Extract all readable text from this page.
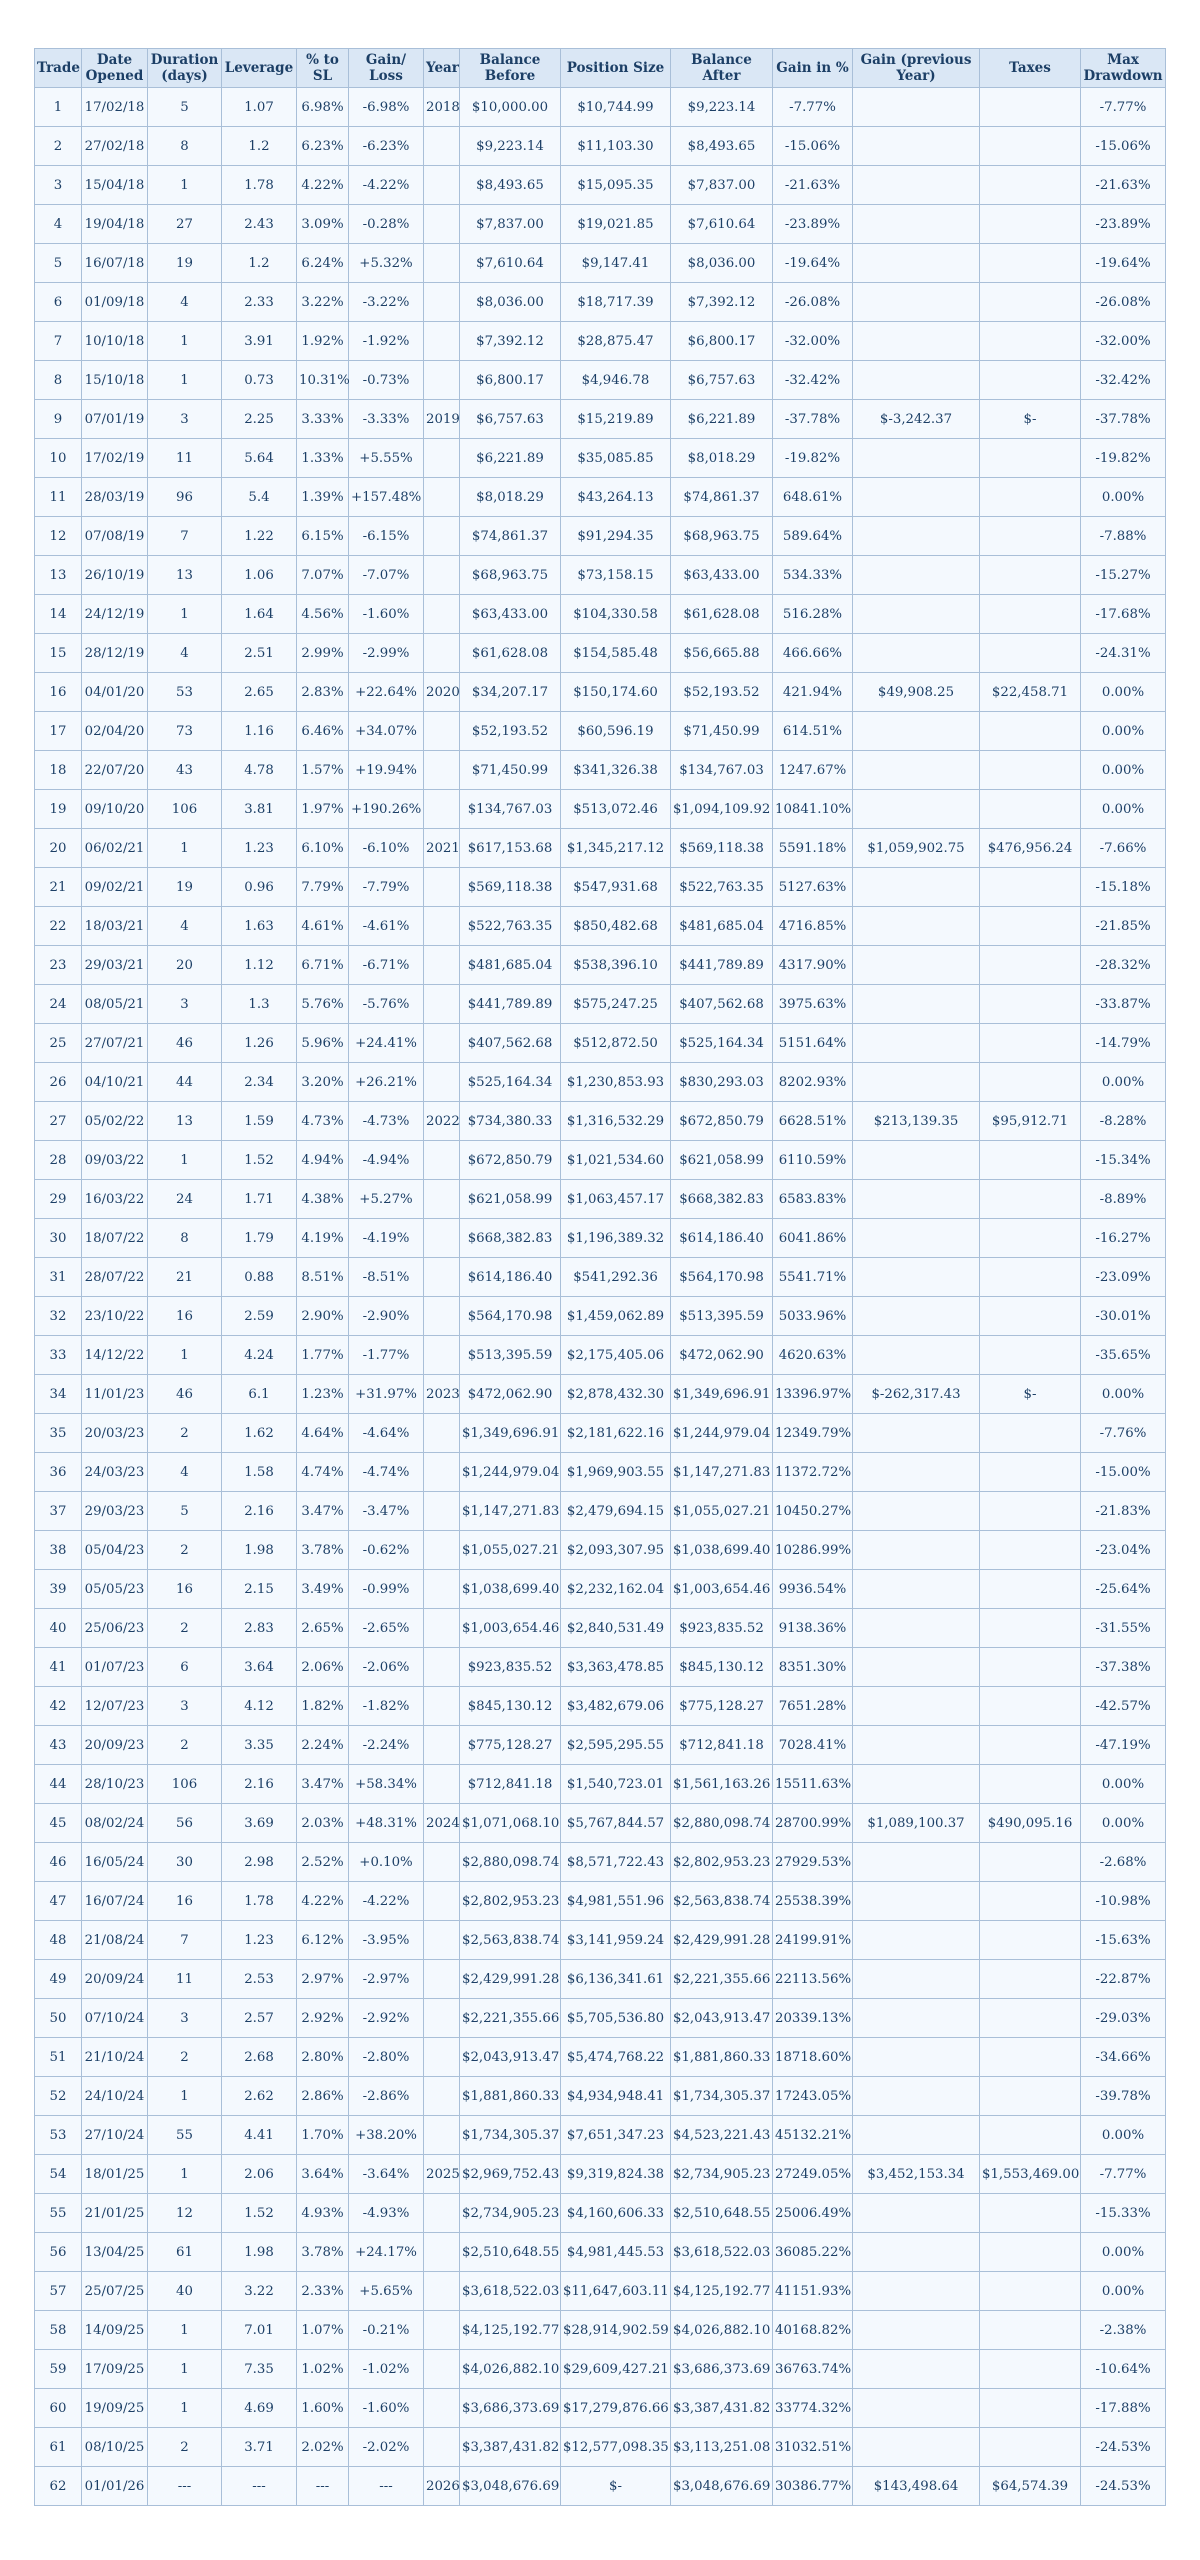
Trade	Date Opened	Duration (days)	Leverage	% to SL	Gain/ Loss	Year	Balance Before	Position Size	Balance After	Gain in %	Gain (previous Year)	Taxes	Max Drawdown
1	17/02/18	5	1.07	6.98%	-6.98%	2018	$10,000.00	$10,744.99	$9,223.14	-7.77%			-7.77%
2	27/02/18	8	1.2	6.23%	-6.23%		$9,223.14	$11,103.30	$8,493.65	-15.06%			-15.06%
3	15/04/18	1	1.78	4.22%	-4.22%		$8,493.65	$15,095.35	$7,837.00	-21.63%			-21.63%
4	19/04/18	27	2.43	3.09%	-0.28%		$7,837.00	$19,021.85	$7,610.64	-23.89%			-23.89%
5	16/07/18	19	1.2	6.24%	+5.32%		$7,610.64	$9,147.41	$8,036.00	-19.64%			-19.64%
6	01/09/18	4	2.33	3.22%	-3.22%		$8,036.00	$18,717.39	$7,392.12	-26.08%			-26.08%
7	10/10/18	1	3.91	1.92%	-1.92%		$7,392.12	$28,875.47	$6,800.17	-32.00%			-32.00%
8	15/10/18	1	0.73	10.31%	-0.73%		$6,800.17	$4,946.78	$6,757.63	-32.42%			-32.42%
9	07/01/19	3	2.25	3.33%	-3.33%	2019	$6,757.63	$15,219.89	$6,221.89	-37.78%	$-3,242.37	$-	-37.78%
10	17/02/19	11	5.64	1.33%	+5.55%		$6,221.89	$35,085.85	$8,018.29	-19.82%			-19.82%
11	28/03/19	96	5.4	1.39%	+157.48%		$8,018.29	$43,264.13	$74,861.37	648.61%			0.00%
12	07/08/19	7	1.22	6.15%	-6.15%		$74,861.37	$91,294.35	$68,963.75	589.64%			-7.88%
13	26/10/19	13	1.06	7.07%	-7.07%		$68,963.75	$73,158.15	$63,433.00	534.33%			-15.27%
14	24/12/19	1	1.64	4.56%	-1.60%		$63,433.00	$104,330.58	$61,628.08	516.28%			-17.68%
15	28/12/19	4	2.51	2.99%	-2.99%		$61,628.08	$154,585.48	$56,665.88	466.66%			-24.31%
16	04/01/20	53	2.65	2.83%	+22.64%	2020	$34,207.17	$150,174.60	$52,193.52	421.94%	$49,908.25	$22,458.71	0.00%
17	02/04/20	73	1.16	6.46%	+34.07%		$52,193.52	$60,596.19	$71,450.99	614.51%			0.00%
18	22/07/20	43	4.78	1.57%	+19.94%		$71,450.99	$341,326.38	$134,767.03	1247.67%			0.00%
19	09/10/20	106	3.81	1.97%	+190.26%		$134,767.03	$513,072.46	$1,094,109.92	10841.10%			0.00%
20	06/02/21	1	1.23	6.10%	-6.10%	2021	$617,153.68	$1,345,217.12	$569,118.38	5591.18%	$1,059,902.75	$476,956.24	-7.66%
21	09/02/21	19	0.96	7.79%	-7.79%		$569,118.38	$547,931.68	$522,763.35	5127.63%			-15.18%
22	18/03/21	4	1.63	4.61%	-4.61%		$522,763.35	$850,482.68	$481,685.04	4716.85%			-21.85%
23	29/03/21	20	1.12	6.71%	-6.71%		$481,685.04	$538,396.10	$441,789.89	4317.90%			-28.32%
24	08/05/21	3	1.3	5.76%	-5.76%		$441,789.89	$575,247.25	$407,562.68	3975.63%			-33.87%
25	27/07/21	46	1.26	5.96%	+24.41%		$407,562.68	$512,872.50	$525,164.34	5151.64%			-14.79%
26	04/10/21	44	2.34	3.20%	+26.21%		$525,164.34	$1,230,853.93	$830,293.03	8202.93%			0.00%
27	05/02/22	13	1.59	4.73%	-4.73%	2022	$734,380.33	$1,316,532.29	$672,850.79	6628.51%	$213,139.35	$95,912.71	-8.28%
28	09/03/22	1	1.52	4.94%	-4.94%		$672,850.79	$1,021,534.60	$621,058.99	6110.59%			-15.34%
29	16/03/22	24	1.71	4.38%	+5.27%		$621,058.99	$1,063,457.17	$668,382.83	6583.83%			-8.89%
30	18/07/22	8	1.79	4.19%	-4.19%		$668,382.83	$1,196,389.32	$614,186.40	6041.86%			-16.27%
31	28/07/22	21	0.88	8.51%	-8.51%		$614,186.40	$541,292.36	$564,170.98	5541.71%			-23.09%
32	23/10/22	16	2.59	2.90%	-2.90%		$564,170.98	$1,459,062.89	$513,395.59	5033.96%			-30.01%
33	14/12/22	1	4.24	1.77%	-1.77%		$513,395.59	$2,175,405.06	$472,062.90	4620.63%			-35.65%
34	11/01/23	46	6.1	1.23%	+31.97%	2023	$472,062.90	$2,878,432.30	$1,349,696.91	13396.97%	$-262,317.43	$-	0.00%
35	20/03/23	2	1.62	4.64%	-4.64%		$1,349,696.91	$2,181,622.16	$1,244,979.04	12349.79%			-7.76%
36	24/03/23	4	1.58	4.74%	-4.74%		$1,244,979.04	$1,969,903.55	$1,147,271.83	11372.72%			-15.00%
37	29/03/23	5	2.16	3.47%	-3.47%		$1,147,271.83	$2,479,694.15	$1,055,027.21	10450.27%			-21.83%
38	05/04/23	2	1.98	3.78%	-0.62%		$1,055,027.21	$2,093,307.95	$1,038,699.40	10286.99%			-23.04%
39	05/05/23	16	2.15	3.49%	-0.99%		$1,038,699.40	$2,232,162.04	$1,003,654.46	9936.54%			-25.64%
40	25/06/23	2	2.83	2.65%	-2.65%		$1,003,654.46	$2,840,531.49	$923,835.52	9138.36%			-31.55%
41	01/07/23	6	3.64	2.06%	-2.06%		$923,835.52	$3,363,478.85	$845,130.12	8351.30%			-37.38%
42	12/07/23	3	4.12	1.82%	-1.82%		$845,130.12	$3,482,679.06	$775,128.27	7651.28%			-42.57%
43	20/09/23	2	3.35	2.24%	-2.24%		$775,128.27	$2,595,295.55	$712,841.18	7028.41%			-47.19%
44	28/10/23	106	2.16	3.47%	+58.34%		$712,841.18	$1,540,723.01	$1,561,163.26	15511.63%			0.00%
45	08/02/24	56	3.69	2.03%	+48.31%	2024	$1,071,068.10	$5,767,844.57	$2,880,098.74	28700.99%	$1,089,100.37	$490,095.16	0.00%
46	16/05/24	30	2.98	2.52%	+0.10%		$2,880,098.74	$8,571,722.43	$2,802,953.23	27929.53%			-2.68%
47	16/07/24	16	1.78	4.22%	-4.22%		$2,802,953.23	$4,981,551.96	$2,563,838.74	25538.39%			-10.98%
48	21/08/24	7	1.23	6.12%	-3.95%		$2,563,838.74	$3,141,959.24	$2,429,991.28	24199.91%			-15.63%
49	20/09/24	11	2.53	2.97%	-2.97%		$2,429,991.28	$6,136,341.61	$2,221,355.66	22113.56%			-22.87%
50	07/10/24	3	2.57	2.92%	-2.92%		$2,221,355.66	$5,705,536.80	$2,043,913.47	20339.13%			-29.03%
51	21/10/24	2	2.68	2.80%	-2.80%		$2,043,913.47	$5,474,768.22	$1,881,860.33	18718.60%			-34.66%
52	24/10/24	1	2.62	2.86%	-2.86%		$1,881,860.33	$4,934,948.41	$1,734,305.37	17243.05%			-39.78%
53	27/10/24	55	4.41	1.70%	+38.20%		$1,734,305.37	$7,651,347.23	$4,523,221.43	45132.21%			0.00%
54	18/01/25	1	2.06	3.64%	-3.64%	2025	$2,969,752.43	$9,319,824.38	$2,734,905.23	27249.05%	$3,452,153.34	$1,553,469.00	-7.77%
55	21/01/25	12	1.52	4.93%	-4.93%		$2,734,905.23	$4,160,606.33	$2,510,648.55	25006.49%			-15.33%
56	13/04/25	61	1.98	3.78%	+24.17%		$2,510,648.55	$4,981,445.53	$3,618,522.03	36085.22%			0.00%
57	25/07/25	40	3.22	2.33%	+5.65%		$3,618,522.03	$11,647,603.11	$4,125,192.77	41151.93%			0.00%
58	14/09/25	1	7.01	1.07%	-0.21%		$4,125,192.77	$28,914,902.59	$4,026,882.10	40168.82%			-2.38%
59	17/09/25	1	7.35	1.02%	-1.02%		$4,026,882.10	$29,609,427.21	$3,686,373.69	36763.74%			-10.64%
60	19/09/25	1	4.69	1.60%	-1.60%		$3,686,373.69	$17,279,876.66	$3,387,431.82	33774.32%			-17.88%
61	08/10/25	2	3.71	2.02%	-2.02%		$3,387,431.82	$12,577,098.35	$3,113,251.08	31032.51%			-24.53%
62	01/01/26	---	---	---	---	2026	$3,048,676.69	$-	$3,048,676.69	30386.77%	$143,498.64	$64,574.39	-24.53%
